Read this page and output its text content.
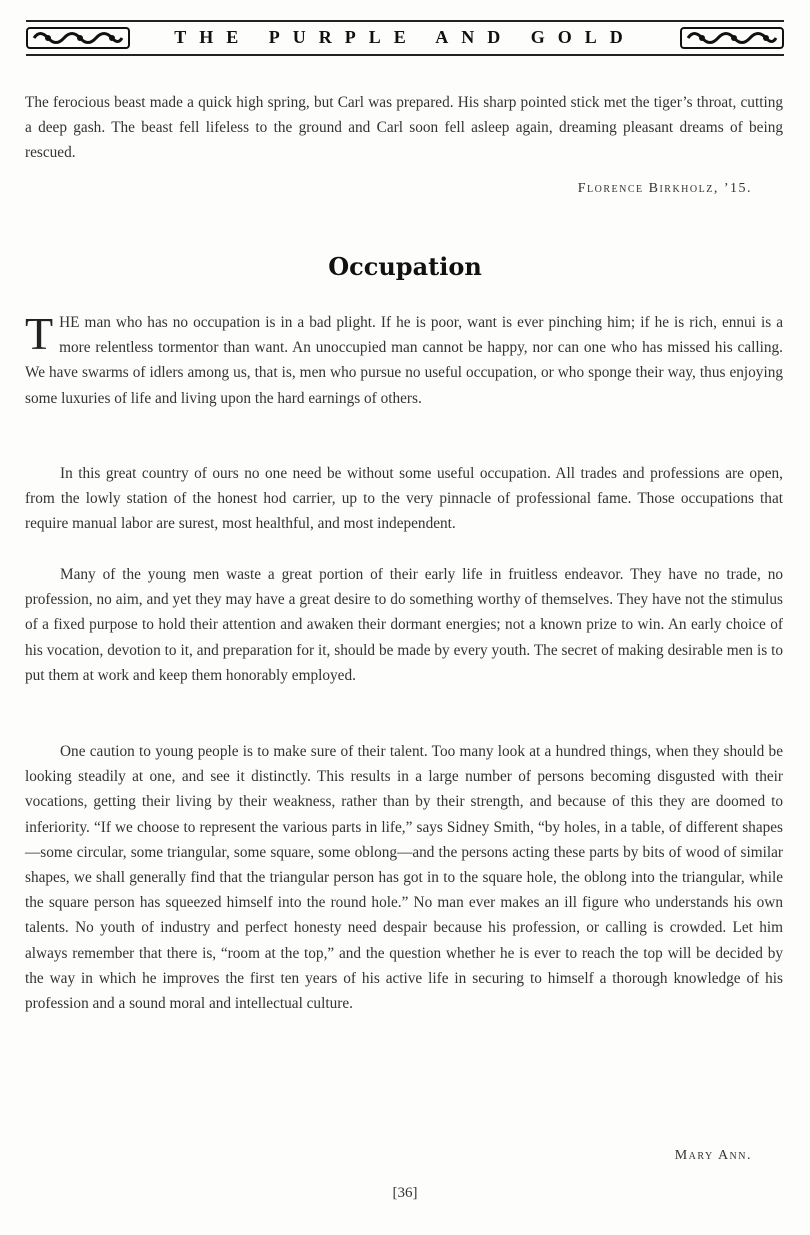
THE PURPLE AND GOLD
The ferocious beast made a quick high spring, but Carl was prepared. His sharp pointed stick met the tiger’s throat, cutting a deep gash. The beast fell lifeless to the ground and Carl soon fell asleep again, dreaming pleasant dreams of being rescued.
Florence Birkholz, ’15.
Occupation
THE man who has no occupation is in a bad plight. If he is poor, want is ever pinching him; if he is rich, ennui is a more relentless tormentor than want. An unoccupied man cannot be happy, nor can one who has missed his calling. We have swarms of idlers among us, that is, men who pursue no useful occupation, or who sponge their way, thus enjoying some luxuries of life and living upon the hard earnings of others.
In this great country of ours no one need be without some useful occupation. All trades and professions are open, from the lowly station of the honest hod carrier, up to the very pinnacle of professional fame. Those occupations that require manual labor are surest, most healthful, and most independent.
Many of the young men waste a great portion of their early life in fruitless endeavor. They have no trade, no profession, no aim, and yet they may have a great desire to do something worthy of themselves. They have not the stimulus of a fixed purpose to hold their attention and awaken their dormant energies; not a known prize to win. An early choice of his vocation, devotion to it, and preparation for it, should be made by every youth. The secret of making desirable men is to put them at work and keep them honorably employed.
One caution to young people is to make sure of their talent. Too many look at a hundred things, when they should be looking steadily at one, and see it distinctly. This results in a large number of persons becoming disgusted with their vocations, getting their living by their weakness, rather than by their strength, and because of this they are doomed to inferiority. “If we choose to represent the various parts in life,” says Sidney Smith, “by holes, in a table, of different shapes—some circular, some triangular, some square, some oblong—and the persons acting these parts by bits of wood of similar shapes, we shall generally find that the triangular person has got in to the square hole, the oblong into the triangular, while the square person has squeezed himself into the round hole.” No man ever makes an ill figure who understands his own talents. No youth of industry and perfect honesty need despair because his profession, or calling is crowded. Let him always remember that there is, “room at the top,” and the question whether he is ever to reach the top will be decided by the way in which he improves the first ten years of his active life in securing to himself a thorough knowledge of his profession and a sound moral and intellectual culture.
Mary Ann.
[36]
